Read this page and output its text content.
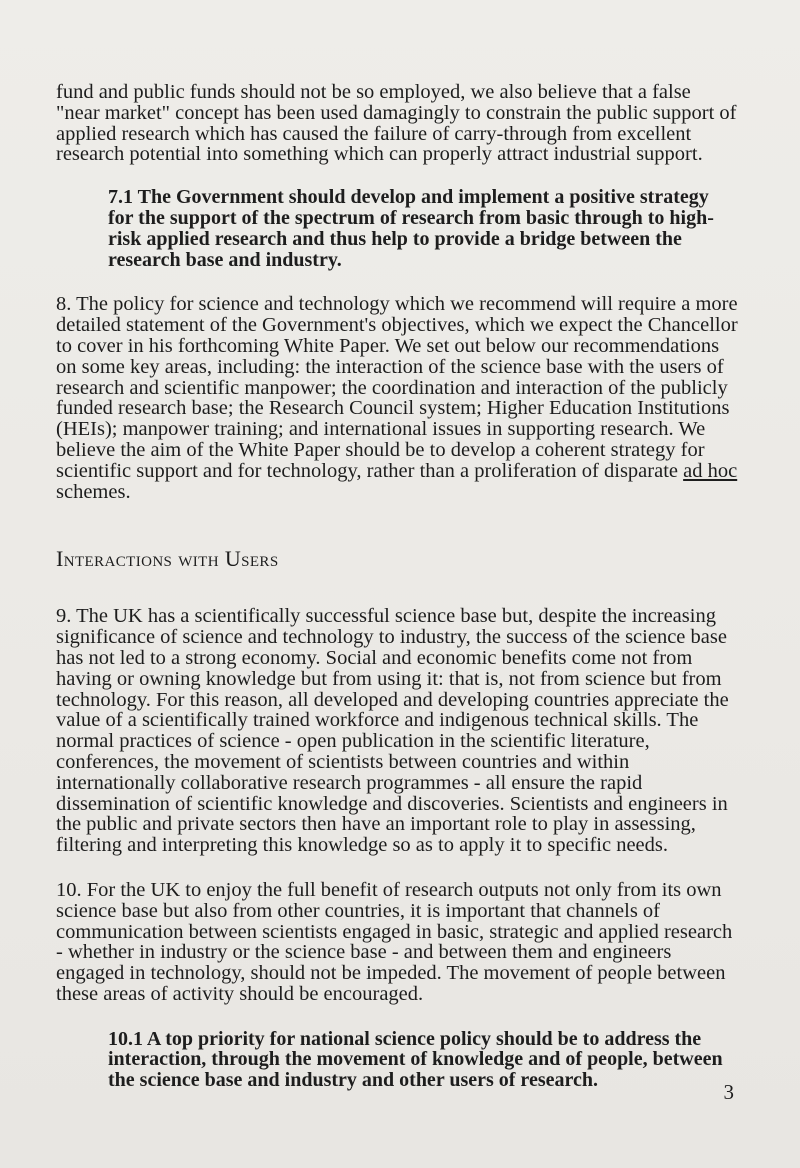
fund and public funds should not be so employed, we also believe that a false "near market" concept has been used damagingly to constrain the public support of applied research which has caused the failure of carry-through from excellent research potential into something which can properly attract industrial support.

7.1 The Government should develop and implement a positive strategy for the support of the spectrum of research from basic through to high-risk applied research and thus help to provide a bridge between the research base and industry.

8. The policy for science and technology which we recommend will require a more detailed statement of the Government's objectives, which we expect the Chancellor to cover in his forthcoming White Paper. We set out below our recommendations on some key areas, including: the interaction of the science base with the users of research and scientific manpower; the coordination and interaction of the publicly funded research base; the Research Council system; Higher Education Institutions (HEIs); manpower training; and international issues in supporting research. We believe the aim of the White Paper should be to develop a coherent strategy for scientific support and for technology, rather than a proliferation of disparate ad hoc schemes.

Interactions with Users

9. The UK has a scientifically successful science base but, despite the increasing significance of science and technology to industry, the success of the science base has not led to a strong economy. Social and economic benefits come not from having or owning knowledge but from using it: that is, not from science but from technology. For this reason, all developed and developing countries appreciate the value of a scientifically trained workforce and indigenous technical skills. The normal practices of science - open publication in the scientific literature, conferences, the movement of scientists between countries and within internationally collaborative research programmes - all ensure the rapid dissemination of scientific knowledge and discoveries. Scientists and engineers in the public and private sectors then have an important role to play in assessing, filtering and interpreting this knowledge so as to apply it to specific needs.

10. For the UK to enjoy the full benefit of research outputs not only from its own science base but also from other countries, it is important that channels of communication between scientists engaged in basic, strategic and applied research - whether in industry or the science base - and between them and engineers engaged in technology, should not be impeded. The movement of people between these areas of activity should be encouraged.

10.1 A top priority for national science policy should be to address the interaction, through the movement of knowledge and of people, between the science base and industry and other users of research.	3
